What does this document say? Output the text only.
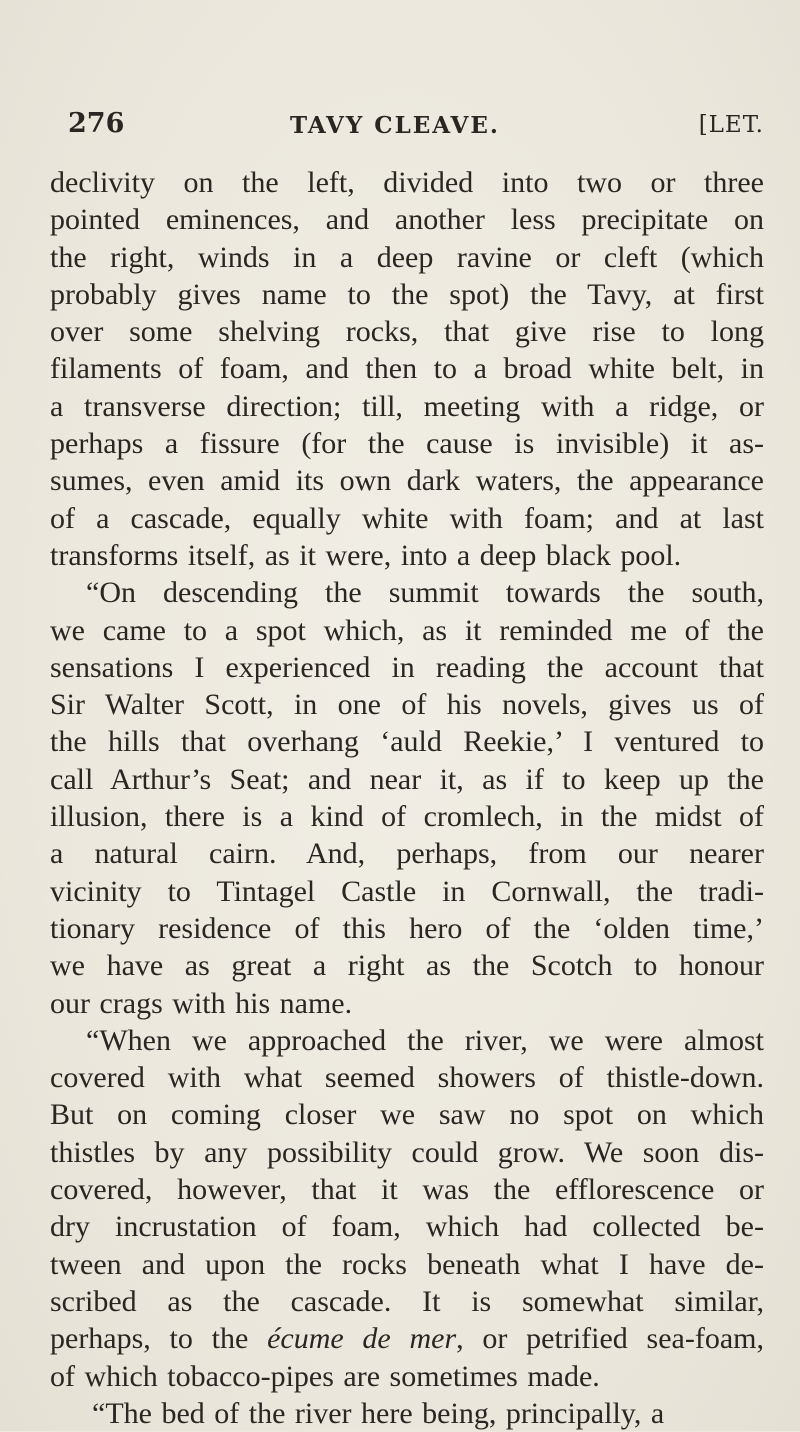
276	TAVY CLEAVE.	[LET.
declivity on the left, divided into two or three
pointed eminences, and another less precipitate on
the right, winds in a deep ravine or cleft (which
probably gives name to the spot) the Tavy, at first
over some shelving rocks, that give rise to long
filaments of foam, and then to a broad white belt, in
a transverse direction; till, meeting with a ridge, or
perhaps a fissure (for the cause is invisible) it as-
sumes, even amid its own dark waters, the appearance
of a cascade, equally white with foam; and at last
transforms itself, as it were, into a deep black pool.
“On descending the summit towards the south,
we came to a spot which, as it reminded me of the
sensations I experienced in reading the account that
Sir Walter Scott, in one of his novels, gives us of
the hills that overhang ‘auld Reekie,’ I ventured to
call Arthur’s Seat; and near it, as if to keep up the
illusion, there is a kind of cromlech, in the midst of
a natural cairn. And, perhaps, from our nearer
vicinity to Tintagel Castle in Cornwall, the tradi-
tionary residence of this hero of the ‘olden time,’
we have as great a right as the Scotch to honour
our crags with his name.
“When we approached the river, we were almost
covered with what seemed showers of thistle-down.
But on coming closer we saw no spot on which
thistles by any possibility could grow. We soon dis-
covered, however, that it was the efflorescence or
dry incrustation of foam, which had collected be-
tween and upon the rocks beneath what I have de-
scribed as the cascade. It is somewhat similar,
perhaps, to the écume de mer, or petrified sea-foam,
of which tobacco-pipes are sometimes made.
“The bed of the river here being, principally, a
